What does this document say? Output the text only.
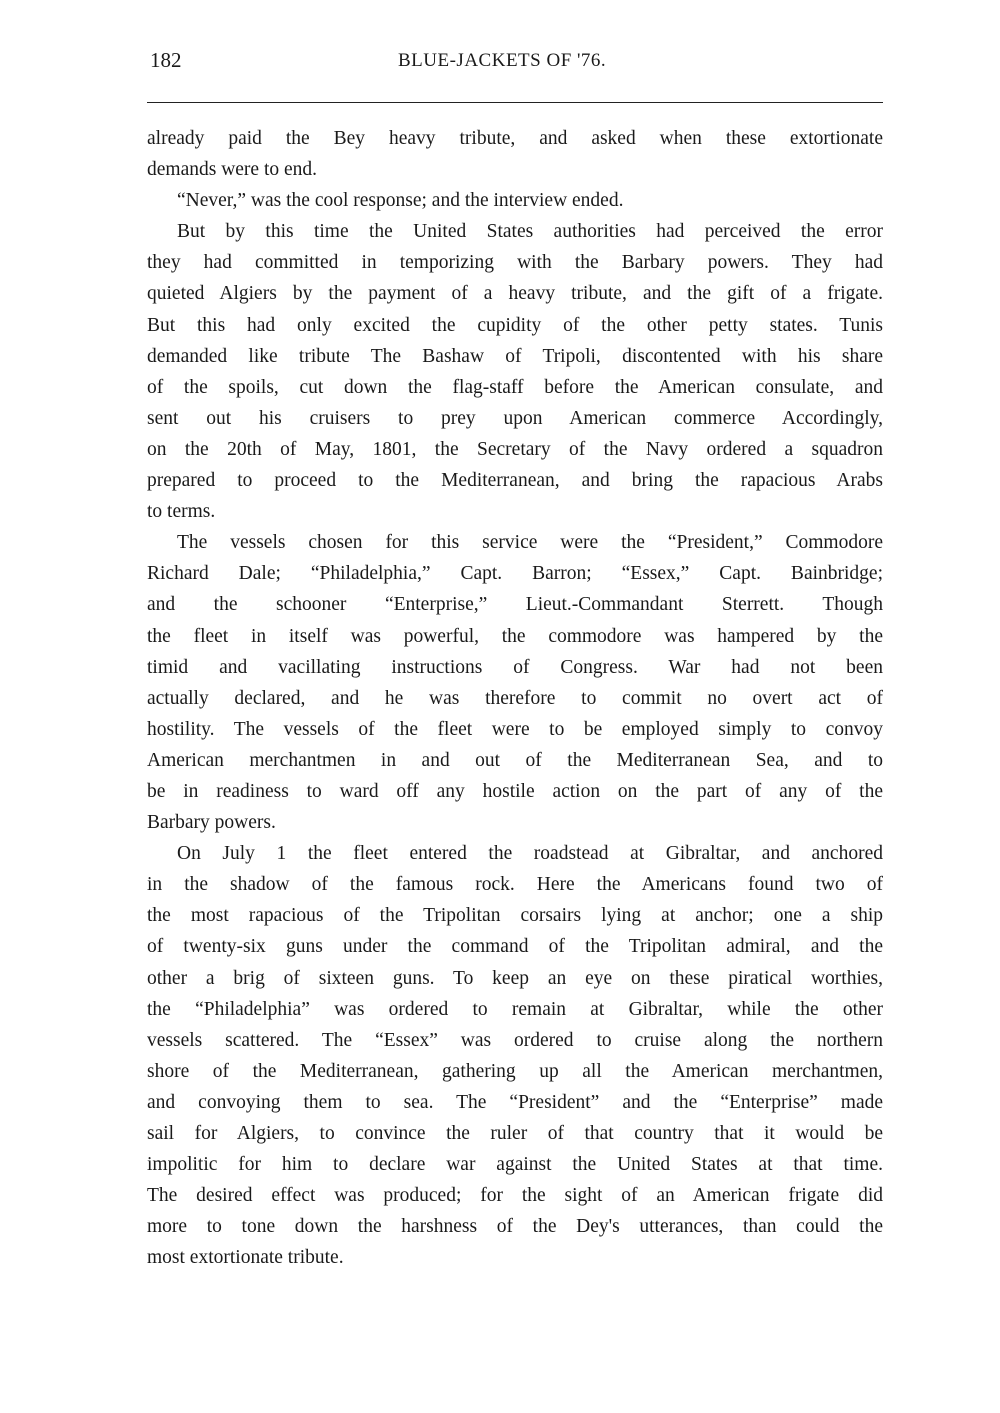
182	BLUE-JACKETS OF '76.
already paid the Bey heavy tribute, and asked when these extortionate
demands were to end.
“Never,” was the cool response; and the interview ended.
But by this time the United States authorities had perceived the error
they had committed in temporizing with the Barbary powers. They had
quieted Algiers by the payment of a heavy tribute, and the gift of a frigate.
But this had only excited the cupidity of the other petty states. Tunis
demanded like tribute The Bashaw of Tripoli, discontented with his share
of the spoils, cut down the flag-staff before the American consulate, and
sent out his cruisers to prey upon American commerce Accordingly,
on the 20th of May, 1801, the Secretary of the Navy ordered a squadron
prepared to proceed to the Mediterranean, and bring the rapacious Arabs
to terms.
The vessels chosen for this service were the “President,” Commodore
Richard Dale; “Philadelphia,” Capt. Barron; “Essex,” Capt. Bainbridge;
and the schooner “Enterprise,” Lieut.-Commandant Sterrett. Though
the fleet in itself was powerful, the commodore was hampered by the
timid and vacillating instructions of Congress. War had not been
actually declared, and he was therefore to commit no overt act of
hostility. The vessels of the fleet were to be employed simply to convoy
American merchantmen in and out of the Mediterranean Sea, and to
be in readiness to ward off any hostile action on the part of any of the
Barbary powers.
On July 1 the fleet entered the roadstead at Gibraltar, and anchored
in the shadow of the famous rock. Here the Americans found two of
the most rapacious of the Tripolitan corsairs lying at anchor; one a ship
of twenty-six guns under the command of the Tripolitan admiral, and the
other a brig of sixteen guns. To keep an eye on these piratical worthies,
the “Philadelphia” was ordered to remain at Gibraltar, while the other
vessels scattered. The “Essex” was ordered to cruise along the northern
shore of the Mediterranean, gathering up all the American merchantmen,
and convoying them to sea. The “President” and the “Enterprise” made
sail for Algiers, to convince the ruler of that country that it would be
impolitic for him to declare war against the United States at that time.
The desired effect was produced; for the sight of an American frigate did
more to tone down the harshness of the Dey's utterances, than could the
most extortionate tribute.
